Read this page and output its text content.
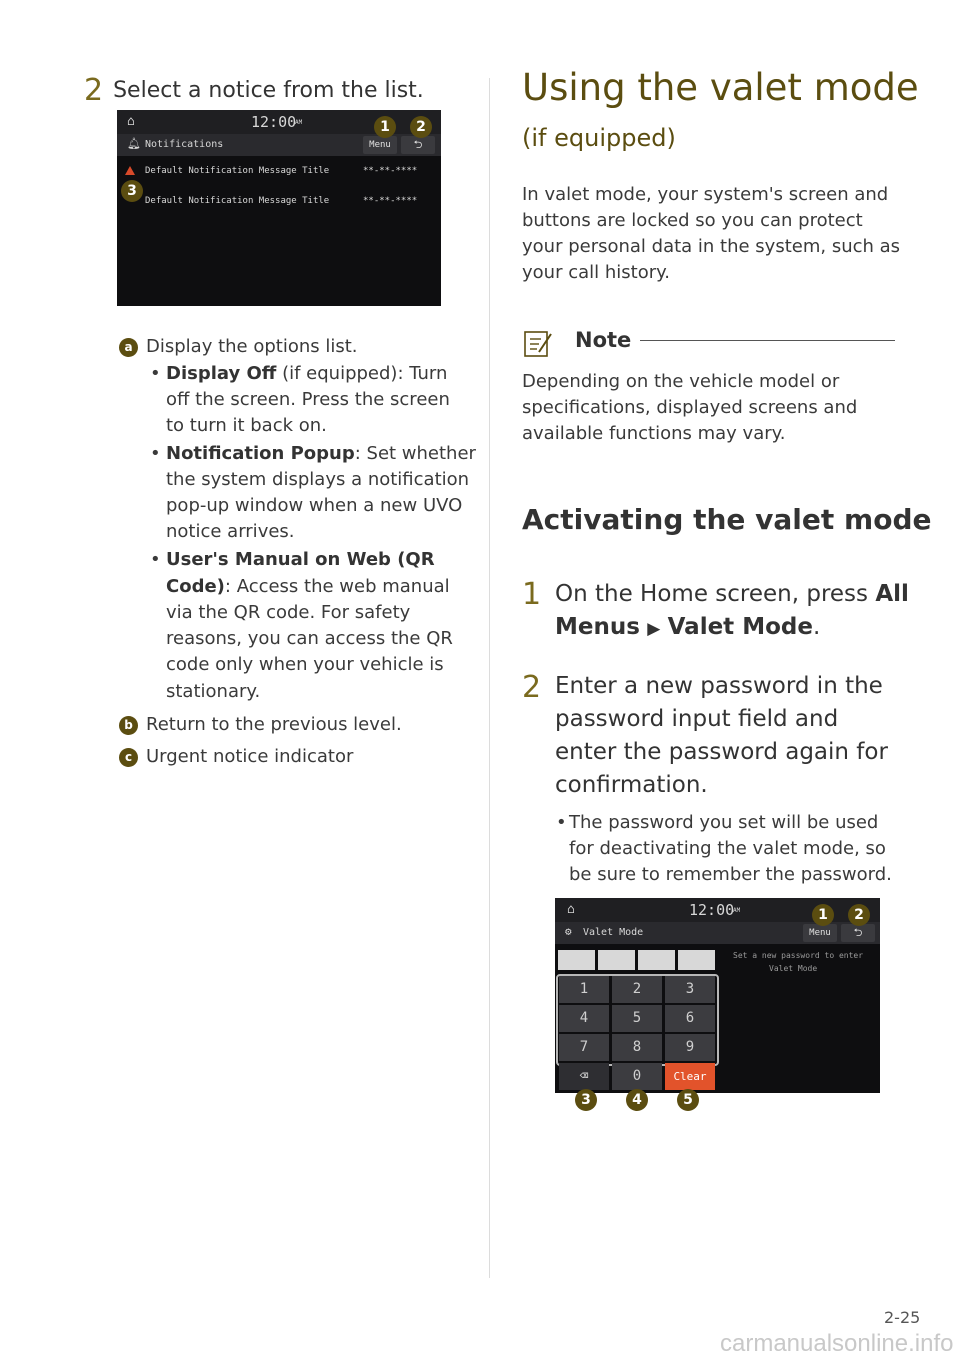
2 Select a notice from the list.
⌂	12:00
AM
🔔︎ Notifications	Menu	⮌
Default Notification Message Title	**-**-****
Default Notification Message Title	**-**-****
1	2
3
a Display the options list.
• Display Off (if equipped): Turn
off the screen. Press the screen
to turn it back on.
• Notification Popup: Set whether
the system displays a notification
pop-up window when a new UVO
notice arrives.
• User's Manual on Web (QR
Code): Access the web manual
via the QR code. For safety
reasons, you can access the QR
code only when your vehicle is
stationary.
b Return to the previous level.
c Urgent notice indicator
Using the valet mode
(if equipped)
In valet mode, your system's screen and
buttons are locked so you can protect
your personal data in the system, such as
your call history.
Note
Depending on the vehicle model or
specifications, displayed screens and
available functions may vary.
Activating the valet mode
1 On the Home screen, press All
Menus ▶ Valet Mode.
2 Enter a new password in the
password input field and
enter the password again for
confirmation.
• The password you set will be used
for deactivating the valet mode, so
be sure to remember the password.
⌂	12:00
AM
⚙ Valet Mode	Menu	⮌
Set a new password to enter
Valet Mode
1	2	3
4	5	6
7	8	9
⌫	0	Clear
1	2
3	4	5
2-25
carmanualsonline.info
